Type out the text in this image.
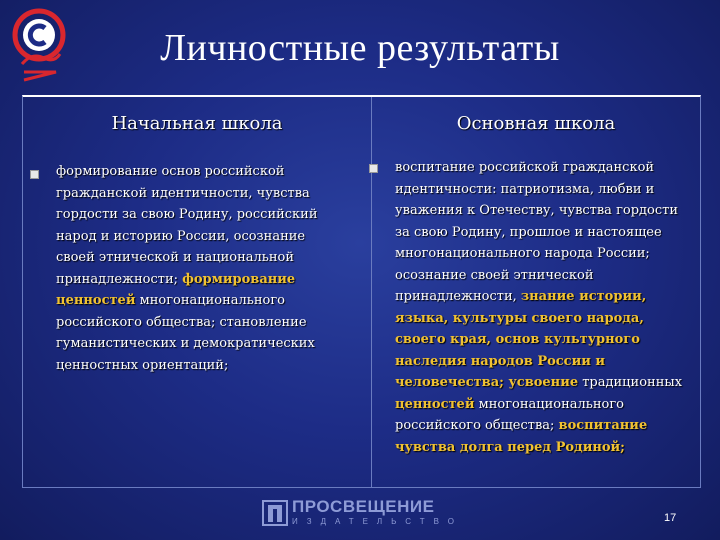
Личностные результаты
Начальная школа	Основная школа
формирование основ российской гражданской идентичности, чувства гордости за свою Родину, российский народ и историю России, осознание своей этнической и национальной принадлежности; формирование ценностей многонационального российского общества; становление гуманистических и демократических ценностных ориентаций;
воспитание российской гражданской идентичности: патриотизма, любви и уважения к Отечеству, чувства гордости за свою Родину, прошлое и настоящее многонационального народа России; осознание своей этнической принадлежности, знание истории, языка, культуры своего народа, своего края, основ культурного наследия народов России и человечества; усвоение традиционных ценностей многонационального российского общества; воспитание чувства долга перед Родиной;
ПРОСВЕЩЕНИЕ
ИЗДАТЕЛЬСТВО	17
